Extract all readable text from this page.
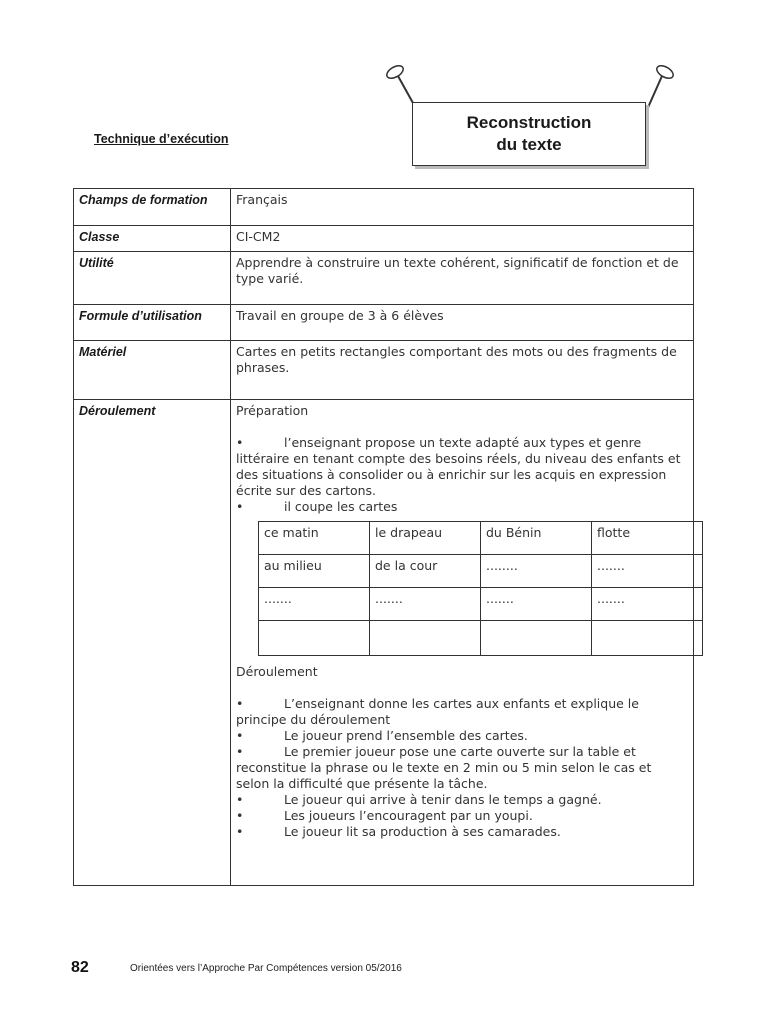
Reconstruction
du texte
Technique d’exécution
Champs de formation	Français
Classe	CI-CM2
Utilité	Apprendre à construire un texte cohérent, significatif de fonction et de type varié.
Formule d’utilisation	Travail en groupe de 3 à 6 élèves
Matériel	Cartes en petits rectangles comportant des mots ou des fragments de phrases.
Déroulement	Préparation

•	l’enseignant propose un texte adapté aux types et genre littéraire en tenant compte des besoins réels, du niveau des enfants et des situations à consolider ou à enrichir sur les acquis en expression écrite sur des cartons.
•	il coupe les cartes
ce matin	le drapeau	du Bénin	flotte
au milieu	de la cour	........	.......
.......	.......	.......	.......

Déroulement

•	L’enseignant donne les cartes aux enfants et explique le principe du déroulement
•	Le joueur prend l’ensemble des cartes.
•	Le premier joueur pose une carte ouverte sur la table et reconstitue la phrase ou le texte en 2 min ou 5 min selon le cas et selon la difficulté que présente la tâche.
•	Le joueur qui arrive à tenir dans le temps a gagné.
•	Les joueurs l’encouragent par un youpi.
•	Le joueur lit sa production à ses camarades.
82	Orientées vers l’Approche Par Compétences version 05/2016
